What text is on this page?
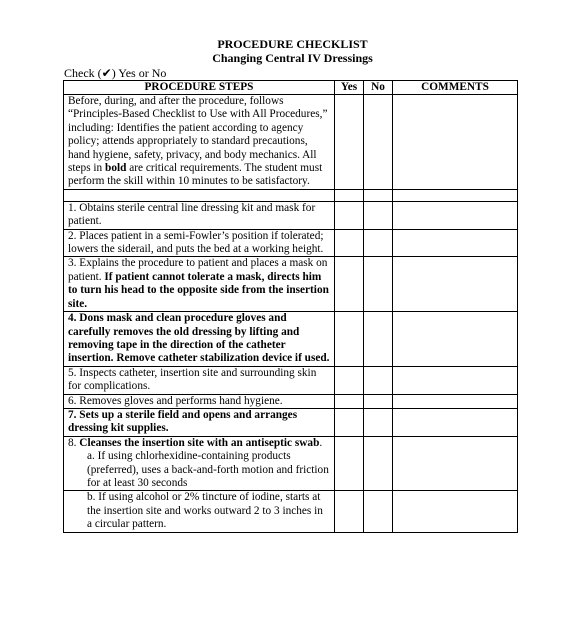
PROCEDURE CHECKLIST
Changing Central IV Dressings
Check (✔) Yes or No
PROCEDURE STEPS	Yes	No	COMMENTS
Before, during, and after the procedure, follows “Principles-Based Checklist to Use with All Procedures,” including: Identifies the patient according to agency policy; attends appropriately to standard precautions, hand hygiene, safety, privacy, and body mechanics. All steps in bold are critical requirements. The student must perform the skill within 10 minutes to be satisfactory.			

1. Obtains sterile central line dressing kit and mask for patient.			
2. Places patient in a semi-Fowler’s position if tolerated; lowers the siderail, and puts the bed at a working height.			
3. Explains the procedure to patient and places a mask on patient. If patient cannot tolerate a mask, directs him to turn his head to the opposite side from the insertion site.			
4. Dons mask and clean procedure gloves and carefully removes the old dressing by lifting and removing tape in the direction of the catheter insertion. Remove catheter stabilization device if used.			
5. Inspects catheter, insertion site and surrounding skin for complications.			
6. Removes gloves and performs hand hygiene.			
7. Sets up a sterile field and opens and arranges dressing kit supplies.			
8. Cleanses the insertion site with an antiseptic swab.
a. If using chlorhexidine-containing products (preferred), uses a back-and-forth motion and friction for at least 30 seconds			

b. If using alcohol or 2% tincture of iodine, starts at the insertion site and works outward 2 to 3 inches in a circular pattern.			
